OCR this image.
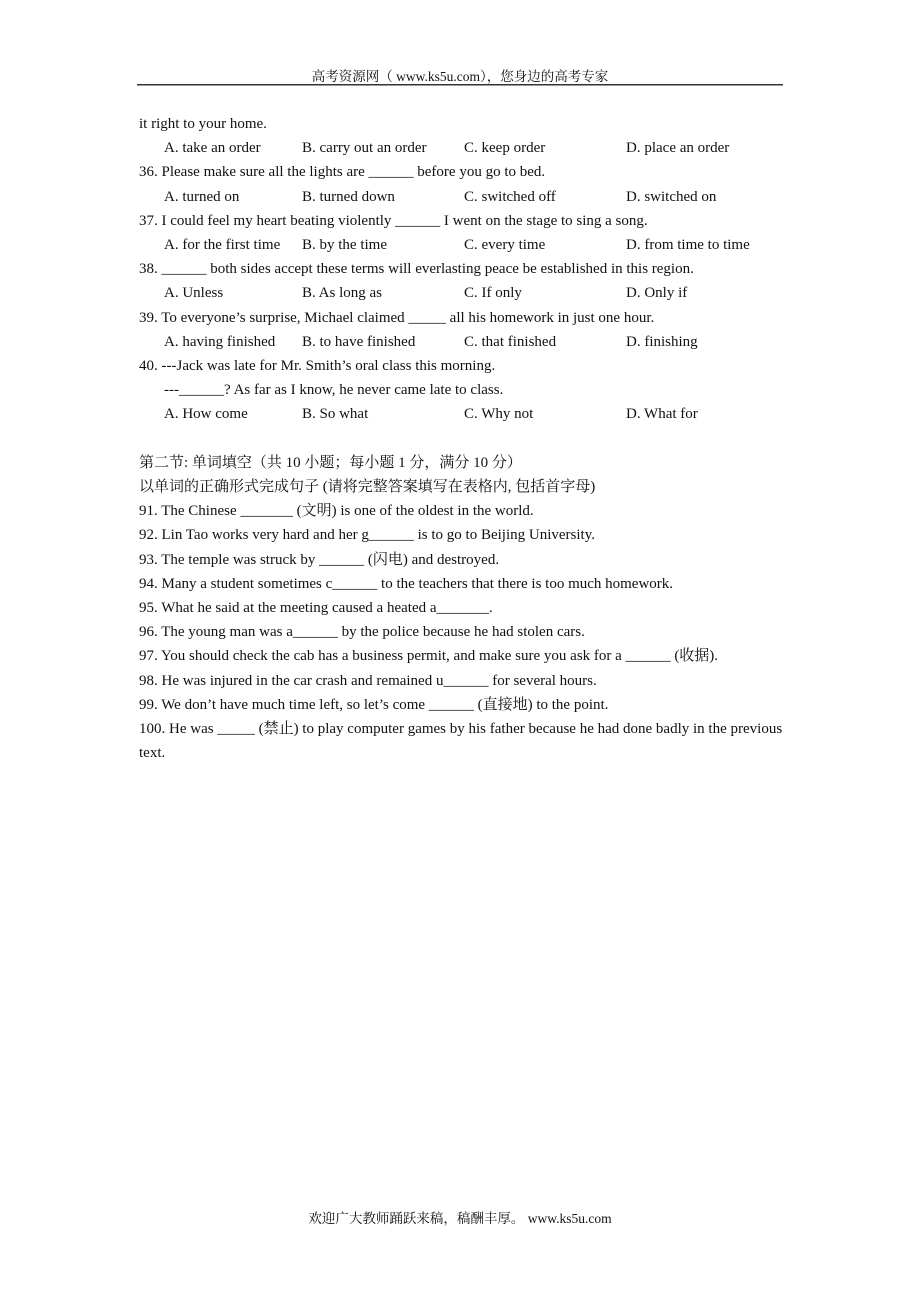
高考资源网（ www.ks5u.com），您身边的高考专家
it right to your home.
A. take an order	B. carry out an order C. keep order	D. place an order
36. Please make sure all the lights are ______ before you go to bed.
A. turned on	B. turned down	C. switched off	D. switched on
37. I could feel my heart beating violently ______ I went on the stage to sing a song.
A. for the first time B. by the time	C. every time	D. from time to time
38. ______ both sides accept these terms will everlasting peace be established in this region.
A. Unless	B. As long as	C. If only	D. Only if
39. To everyone’s surprise, Michael claimed _____ all his homework in just one hour.
A. having finished B. to have finished	C. that finished	D. finishing
40. ---Jack was late for Mr. Smith’s oral class this morning.
---______? As far as I know, he never came late to class.
A. How come	B. So what	C. Why not	D. What for
第二节: 单词填空（共 10 小题；每小题 1 分，满分 10 分）
以单词的正确形式完成句子 (请将完整答案填写在表格内, 包括首字母)
91. The Chinese _______ (文明) is one of the oldest in the world.
92. Lin Tao works very hard and her g______ is to go to Beijing University.
93. The temple was struck by ______ (闪电) and destroyed.
94. Many a student sometimes c______ to the teachers that there is too much homework.
95. What he said at the meeting caused a heated a_______.
96. The young man was a______ by the police because he had stolen cars.
97. You should check the cab has a business permit, and make sure you ask for a ______ (收据).
98. He was injured in the car crash and remained u______ for several hours.
99. We don’t have much time left, so let’s come ______ (直接地) to the point.
100. He was _____ (禁止) to play computer games by his father because he had done badly in the previous text.
欢迎广大教师踊跃来稿，稿酬丰厚。 www.ks5u.com
